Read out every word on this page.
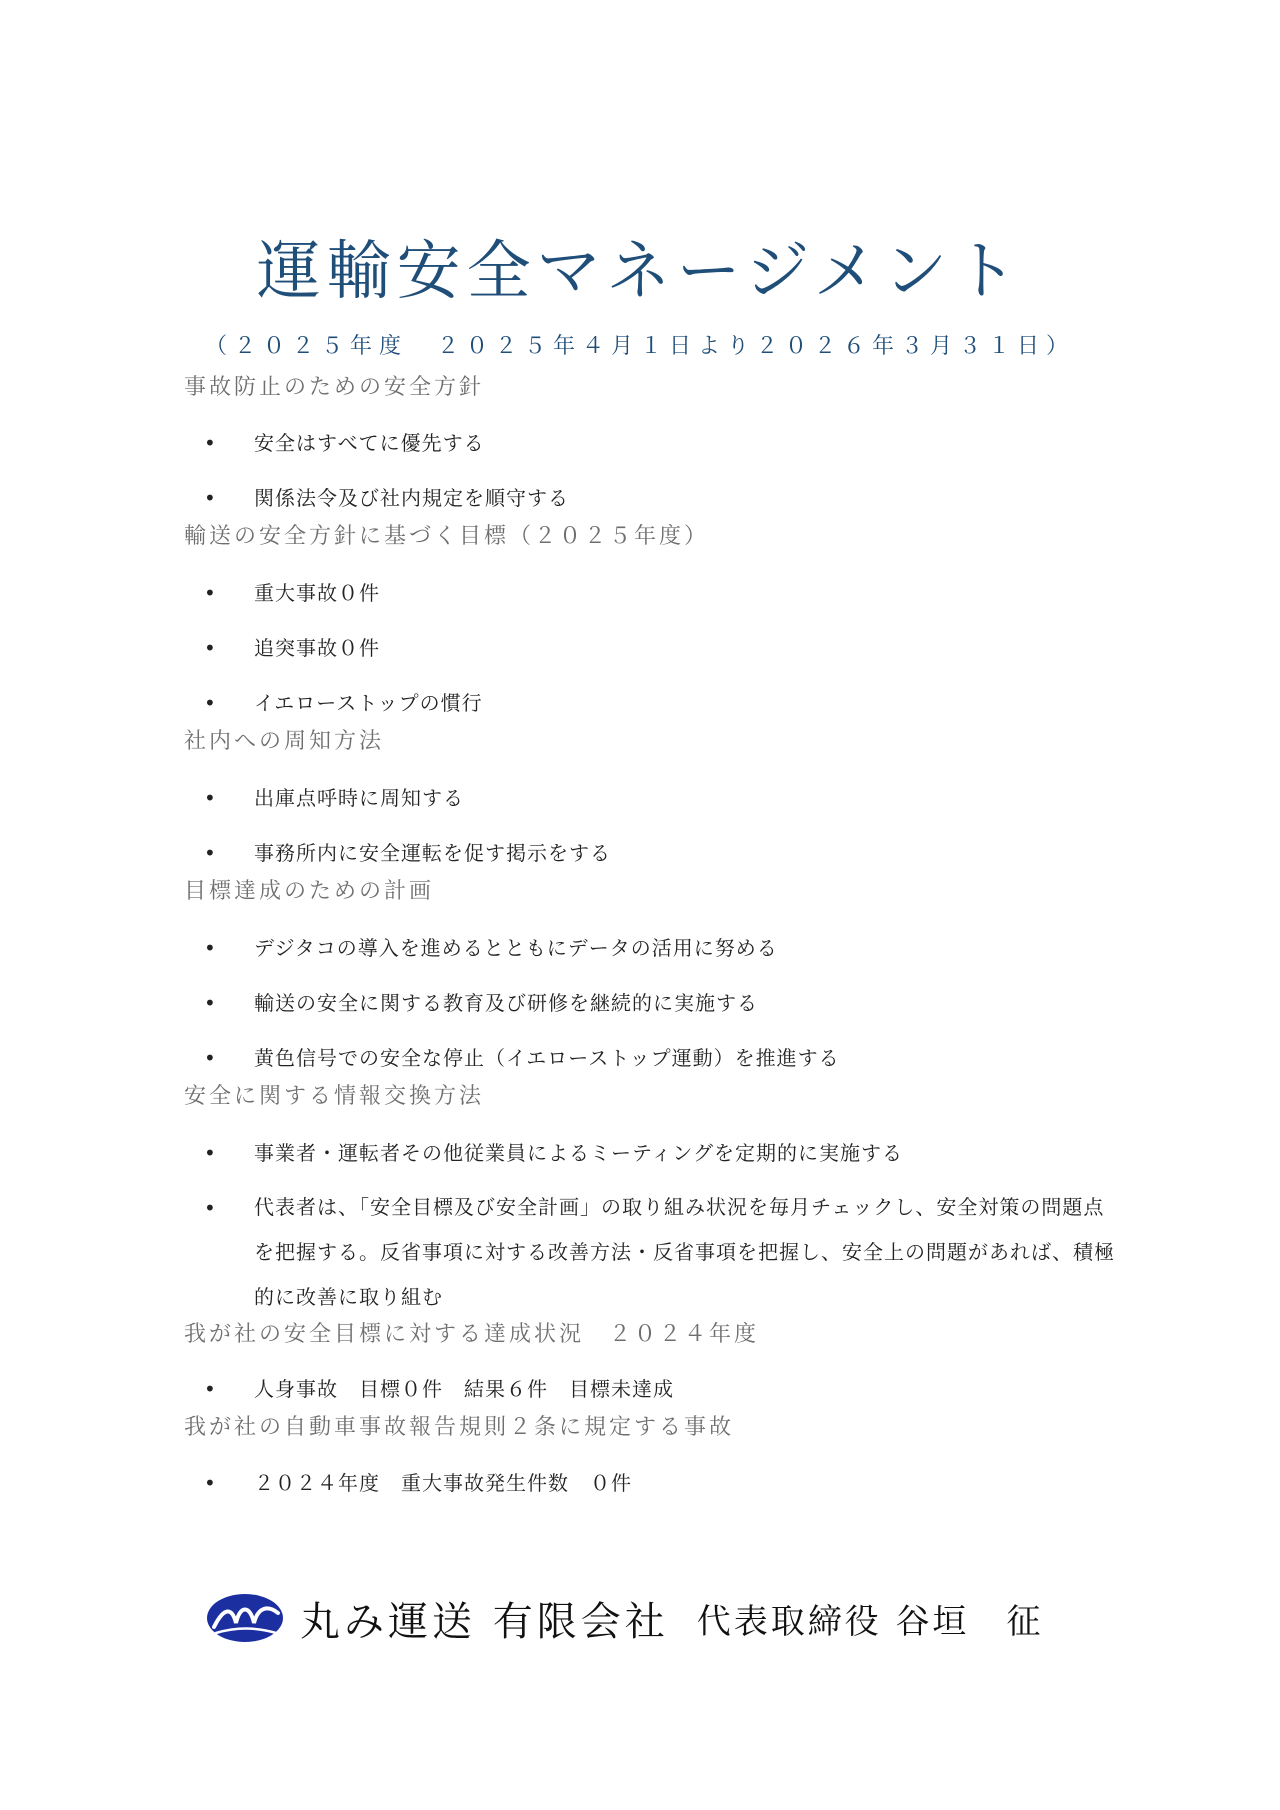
運輸安全マネージメント
（２０２５年度　２０２５年４月１日より２０２６年３月３１日）
事故防止のための安全方針
• 安全はすべてに優先する
• 関係法令及び社内規定を順守する
輸送の安全方針に基づく目標（２０２５年度）
• 重大事故０件
• 追突事故０件
• イエローストップの慣行
社内への周知方法
• 出庫点呼時に周知する
• 事務所内に安全運転を促す掲示をする
目標達成のための計画
• デジタコの導入を進めるとともにデータの活用に努める
• 輸送の安全に関する教育及び研修を継続的に実施する
• 黄色信号での安全な停止（イエローストップ運動）を推進する
安全に関する情報交換方法
• 事業者・運転者その他従業員によるミーティングを定期的に実施する
• 代表者は、「安全目標及び安全計画」の取り組み状況を毎月チェックし、安全対策の問題点を把握する。反省事項に対する改善方法・反省事項を把握し、安全上の問題があれば、積極的に改善に取り組む
我が社の安全目標に対する達成状況　２０２４年度
• 人身事故　目標０件　結果６件　目標未達成
我が社の自動車事故報告規則２条に規定する事故
• ２０２４年度　重大事故発生件数　０件
丸み運送 有限会社 代表取締役 谷垣　征
